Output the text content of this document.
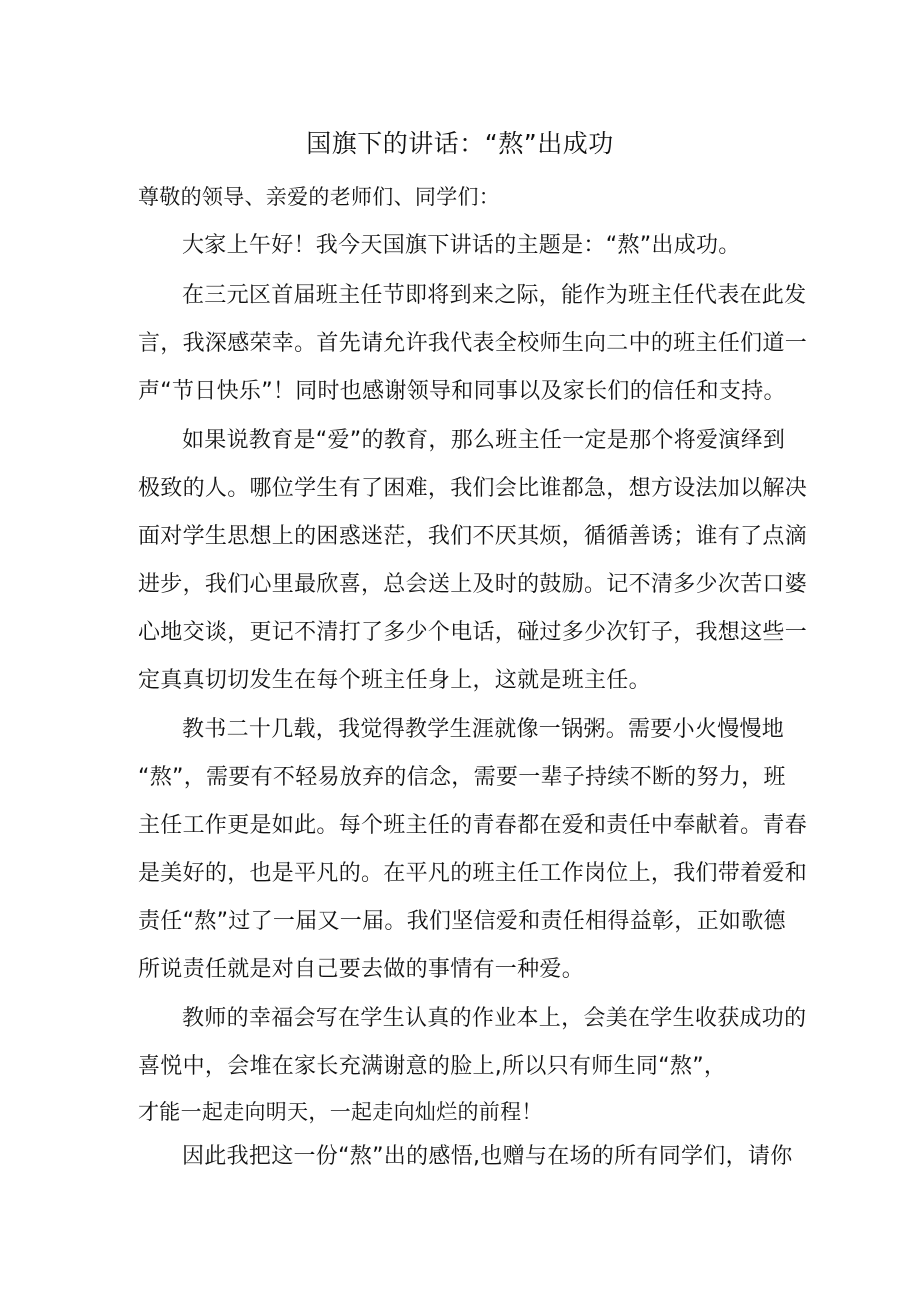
国旗下的讲话：“熬”出成功
尊敬的领导、亲爱的老师们、同学们：
大家上午好！我今天国旗下讲话的主题是：“熬”出成功。
在三元区首届班主任节即将到来之际，能作为班主任代表在此发
言，我深感荣幸。首先请允许我代表全校师生向二中的班主任们道一
声“节日快乐”！同时也感谢领导和同事以及家长们的信任和支持。
如果说教育是“爱”的教育，那么班主任一定是那个将爱演绎到
极致的人。哪位学生有了困难，我们会比谁都急，想方设法加以解决
面对学生思想上的困惑迷茫，我们不厌其烦，循循善诱；谁有了点滴
进步，我们心里最欣喜，总会送上及时的鼓励。记不清多少次苦口婆
心地交谈，更记不清打了多少个电话，碰过多少次钉子，我想这些一
定真真切切发生在每个班主任身上，这就是班主任。
教书二十几载，我觉得教学生涯就像一锅粥。需要小火慢慢地
“熬”，需要有不轻易放弃的信念，需要一辈子持续不断的努力，班
主任工作更是如此。每个班主任的青春都在爱和责任中奉献着。青春
是美好的，也是平凡的。在平凡的班主任工作岗位上，我们带着爱和
责任“熬”过了一届又一届。我们坚信爱和责任相得益彰，正如歌德
所说责任就是对自己要去做的事情有一种爱。
教师的幸福会写在学生认真的作业本上，会美在学生收获成功的
喜悦中，会堆在家长充满谢意的脸上,所以只有师生同“熬”，
才能一起走向明天，一起走向灿烂的前程！
因此我把这一份“熬”出的感悟,也赠与在场的所有同学们，请你
